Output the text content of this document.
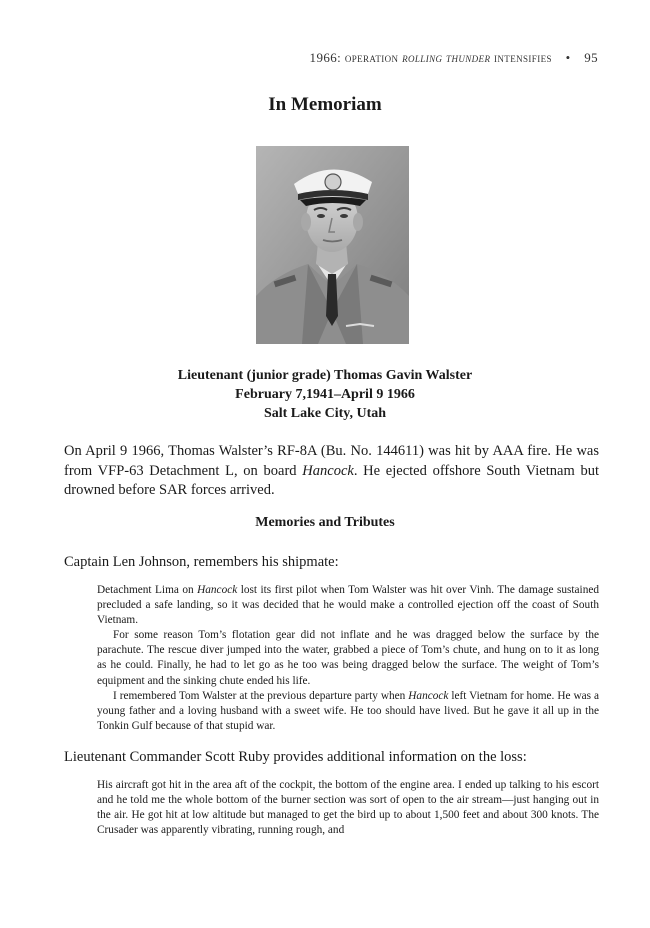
1966: operation rolling thunder intensifies • 95
In Memoriam
Lieutenant (junior grade) Thomas Gavin Walster
February 7,1941–April 9 1966
Salt Lake City, Utah
On April 9 1966, Thomas Walster’s RF-8A (Bu. No. 144611) was hit by AAA fire. He was from VFP-63 Detachment L, on board Hancock. He ejected offshore South Vietnam but drowned before SAR forces arrived.
Memories and Tributes
Captain Len Johnson, remembers his shipmate:

Detachment Lima on Hancock lost its first pilot when Tom Walster was hit over Vinh. The damage sustained precluded a safe landing, so it was decided that he would make a controlled ejection off the coast of South Vietnam.

For some reason Tom’s flotation gear did not inflate and he was dragged below the surface by the parachute. The rescue diver jumped into the water, grabbed a piece of Tom’s chute, and hung on to it as long as he could. Finally, he had to let go as he too was being dragged below the surface. The weight of Tom’s equipment and the sinking chute ended his life.

I remembered Tom Walster at the previous departure party when Hancock left Vietnam for home. He was a young father and a loving husband with a sweet wife. He too should have lived. But he gave it all up in the Tonkin Gulf because of that stupid war.

Lieutenant Commander Scott Ruby provides additional information on the loss:

His aircraft got hit in the area aft of the cockpit, the bottom of the engine area. I ended up talking to his escort and he told me the whole bottom of the burner section was sort of open to the air stream—just hanging out in the air. He got hit at low altitude but managed to get the bird up to about 1,500 feet and about 300 knots. The Crusader was apparently vibrating, running rough, and
